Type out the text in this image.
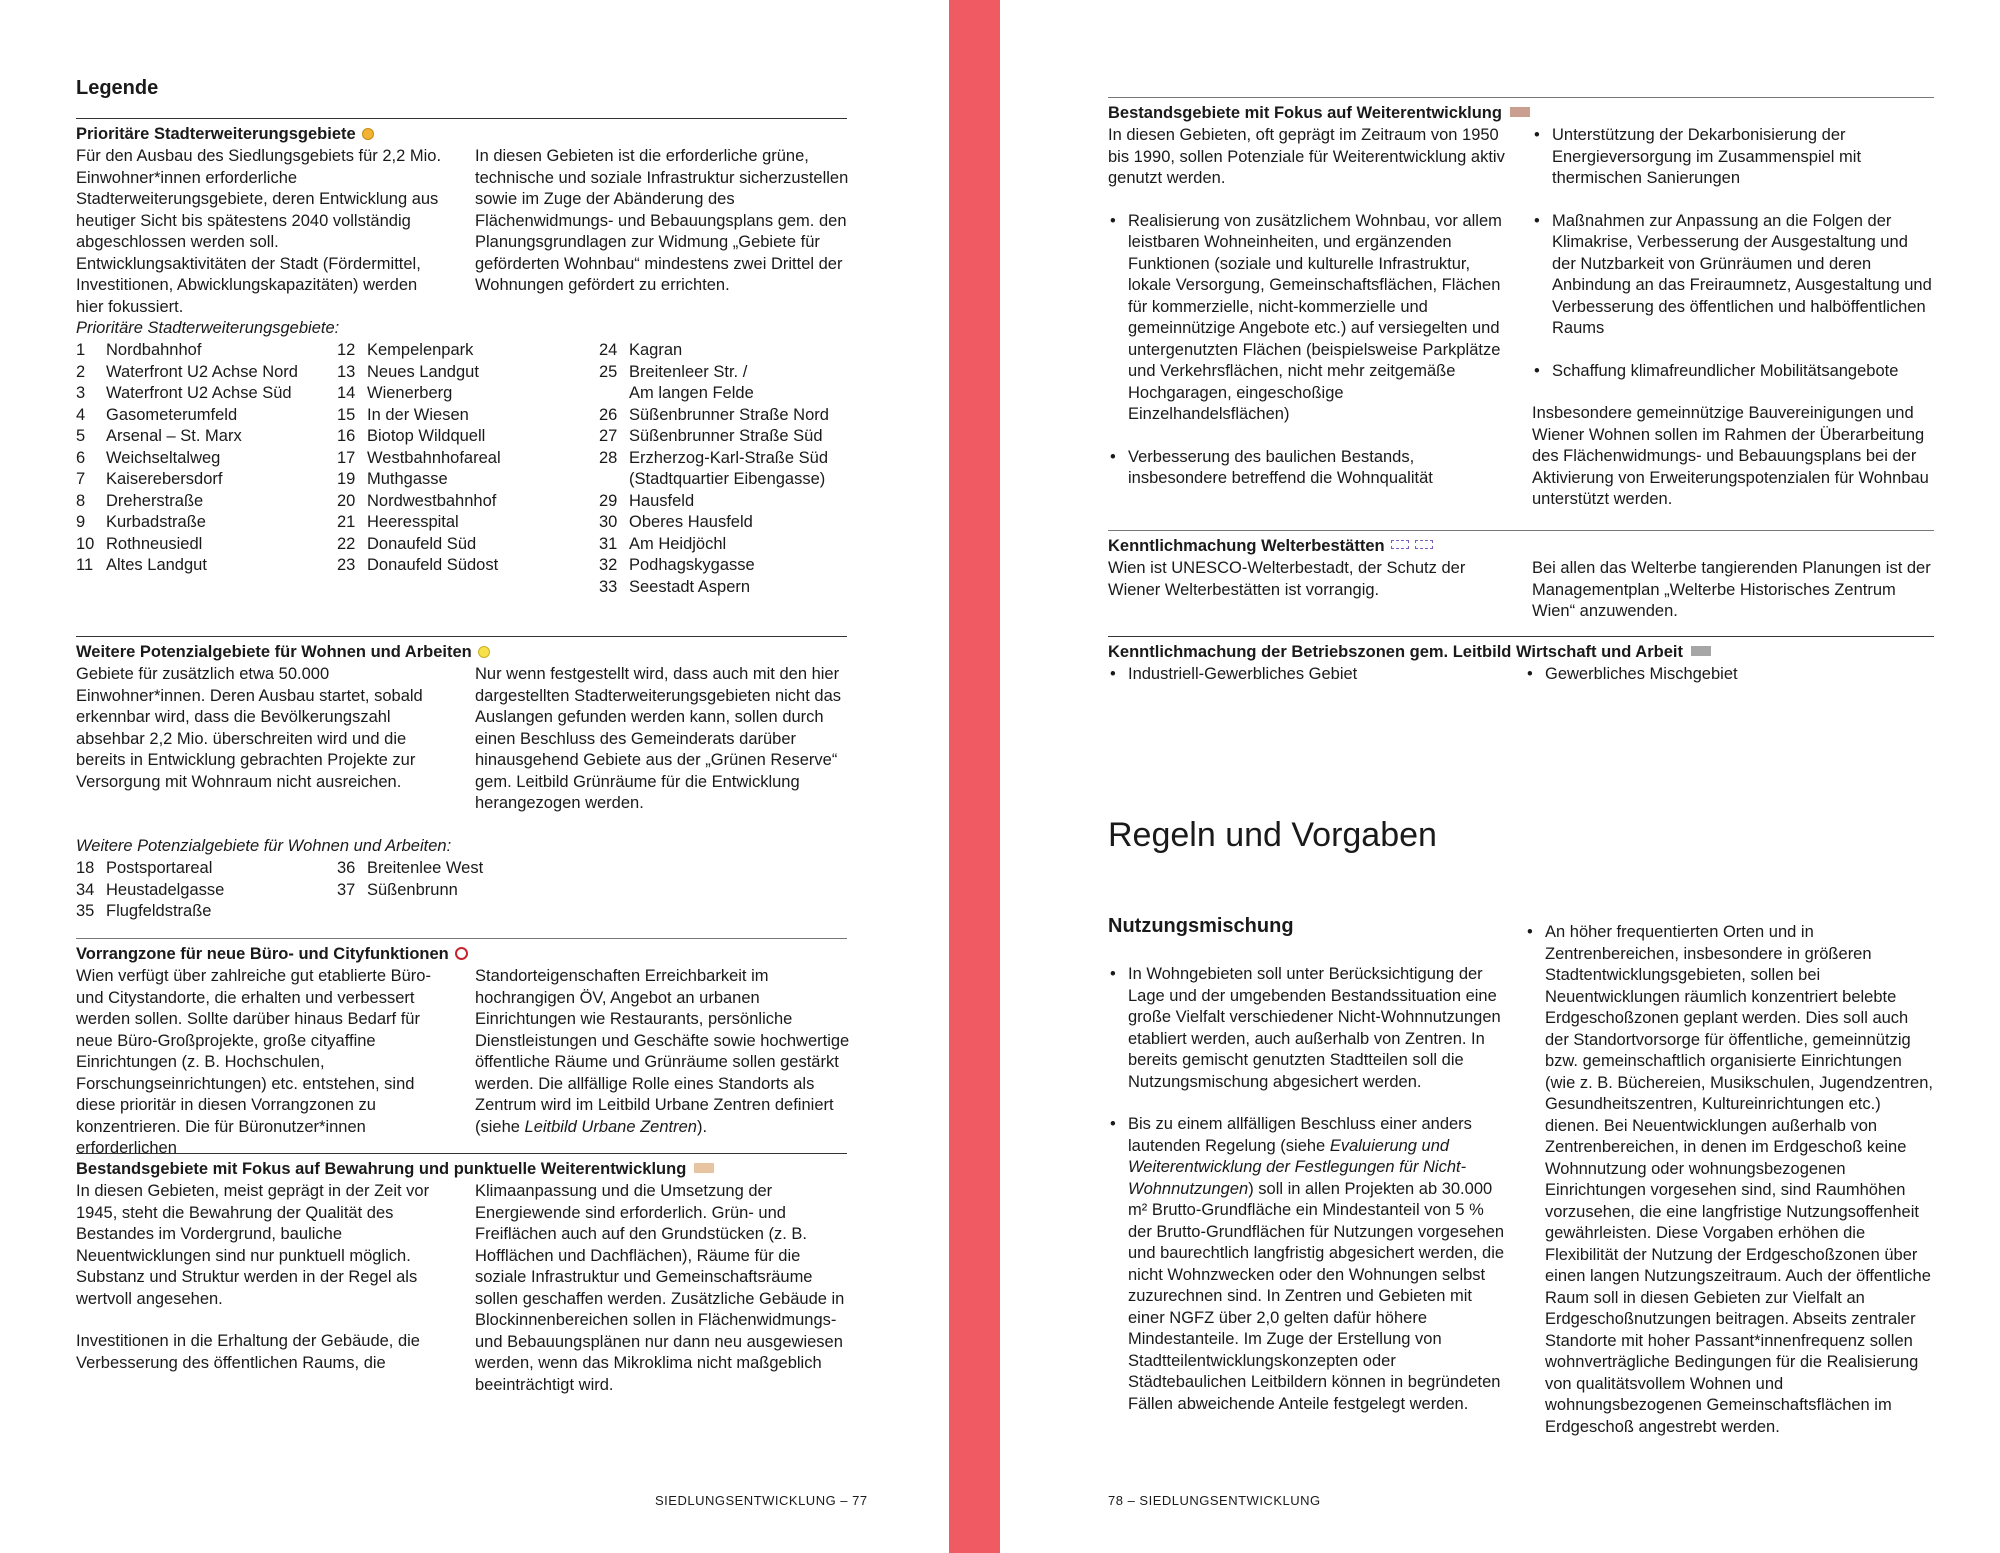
Legende
Prioritäre Stadterweiterungsgebiete
Für den Ausbau des Siedlungsgebiets für 2,2 Mio. Einwohner*innen erforderliche Stadterweiterungsgebiete, deren Entwicklung aus heutiger Sicht bis spätestens 2040 vollständig abgeschlossen werden soll. Entwicklungsaktivitäten der Stadt (Fördermittel, Investitionen, Abwicklungskapazitäten) werden hier fokussiert.
In diesen Gebieten ist die erforderliche grüne, technische und soziale Infrastruktur sicherzustellen sowie im Zuge der Abänderung des Flächenwidmungs- und Bebauungsplans gem. den Planungsgrundlagen zur Widmung „Gebiete für geförderten Wohnbau“ mindestens zwei Drittel der Wohnungen gefördert zu errichten.
Prioritäre Stadterweiterungsgebiete:
1	Nordbahnhof
2	Waterfront U2 Achse Nord
3	Waterfront U2 Achse Süd
4	Gasometerumfeld
5	Arsenal – St. Marx
6	Weichseltalweg
7	Kaiserebersdorf
8	Dreherstraße
9	Kurbadstraße
10 Rothneusiedl
11 Altes Landgut
12 Kempelenpark
13 Neues Landgut
14 Wienerberg
15 In der Wiesen
16 Biotop Wildquell
17 Westbahnhofareal
19 Muthgasse
20 Nordwestbahnhof
21 Heeresspital
22 Donaufeld Süd
23 Donaufeld Südost
24 Kagran
25 Breitenleer Str. /
Am langen Felde
26 Süßenbrunner Straße Nord
27 Süßenbrunner Straße Süd
28 Erzherzog-Karl-Straße Süd
(Stadtquartier Eibengasse)
29 Hausfeld
30 Oberes Hausfeld
31 Am Heidjöchl
32 Podhagskygasse
33 Seestadt Aspern
Weitere Potenzialgebiete für Wohnen und Arbeiten
Gebiete für zusätzlich etwa 50.000 Einwohner*innen. Deren Ausbau startet, sobald erkennbar wird, dass die Bevölkerungszahl absehbar 2,2 Mio. überschreiten wird und die bereits in Entwicklung gebrachten Projekte zur Versorgung mit Wohnraum nicht ausreichen.
Nur wenn festgestellt wird, dass auch mit den hier dargestellten Stadterweiterungsgebieten nicht das Auslangen gefunden werden kann, sollen durch einen Beschluss des Gemeinderats darüber hinausgehend Gebiete aus der „Grünen Reserve“ gem. Leitbild Grünräume für die Entwicklung herangezogen werden.
Weitere Potenzialgebiete für Wohnen und Arbeiten:
18 Postsportareal
34 Heustadelgasse
35 Flugfeldstraße
36 Breitenlee West
37 Süßenbrunn
Vorrangzone für neue Büro- und Cityfunktionen
Wien verfügt über zahlreiche gut etablierte Büro- und Citystandorte, die erhalten und verbessert werden sollen. Sollte darüber hinaus Bedarf für neue Büro-Großprojekte, große cityaffine Einrichtungen (z. B. Hochschulen, Forschungseinrichtungen) etc. entstehen, sind diese prioritär in diesen Vorrangzonen zu konzentrieren. Die für Büronutzer*innen erforderlichen
Standorteigenschaften Erreichbarkeit im hochrangigen ÖV, Angebot an urbanen Einrichtungen wie Restaurants, persönliche Dienstleistungen und Geschäfte sowie hochwertige öffentliche Räume und Grünräume sollen gestärkt werden. Die allfällige Rolle eines Standorts als Zentrum wird im Leitbild Urbane Zentren definiert (siehe Leitbild Urbane Zentren).
Bestandsgebiete mit Fokus auf Bewahrung und punktuelle Weiterentwicklung

In diesen Gebieten, meist geprägt in der Zeit vor 1945, steht die Bewahrung der Qualität des Bestandes im Vordergrund, bauliche Neuentwicklungen sind nur punktuell möglich. Substanz und Struktur werden in der Regel als wertvoll angesehen.

Investitionen in die Erhaltung der Gebäude, die Verbesserung des öffentlichen Raums, die

Klimaanpassung und die Umsetzung der Energiewende sind erforderlich. Grün- und Freiflächen auch auf den Grundstücken (z. B. Hofflächen und Dachflächen), Räume für die soziale Infrastruktur und Gemeinschaftsräume sollen geschaffen werden. Zusätzliche Gebäude in Blockinnenbereichen sollen in Flächenwidmungs- und Bebauungsplänen nur dann neu ausgewiesen werden, wenn das Mikroklima nicht maßgeblich beeinträchtigt wird.
SIEDLUNGSENTWICKLUNG – 77
Bestandsgebiete mit Fokus auf Weiterentwicklung

In diesen Gebieten, oft geprägt im Zeitraum von 1950 bis 1990, sollen Potenziale für Weiterentwicklung aktiv genutzt werden.

• Realisierung von zusätzlichem Wohnbau, vor allem leistbaren Wohneinheiten, und ergänzenden Funktionen (soziale und kulturelle Infrastruktur, lokale Versorgung, Gemeinschaftsflächen, Flächen für kommerzielle, nicht-kommerzielle und gemeinnützige Angebote etc.) auf versiegelten und untergenutzten Flächen (beispielsweise Parkplätze und Verkehrsflächen, nicht mehr zeitgemäße Hochgaragen, eingeschoßige Einzelhandelsflächen)
• Verbesserung des baulichen Bestands, insbesondere betreffend die Wohnqualität
• Unterstützung der Dekarbonisierung der Energieversorgung im Zusammenspiel mit thermischen Sanierungen
• Maßnahmen zur Anpassung an die Folgen der Klimakrise, Verbesserung der Ausgestaltung und der Nutzbarkeit von Grünräumen und deren Anbindung an das Freiraumnetz, Ausgestaltung und Verbesserung des öffentlichen und halböffentlichen Raums
• Schaffung klimafreundlicher Mobilitätsangebote

Insbesondere gemeinnützige Bauvereinigungen und Wiener Wohnen sollen im Rahmen der Überarbeitung des Flächenwidmungs- und Bebauungsplans bei der Aktivierung von Erweiterungspotenzialen für Wohnbau unterstützt werden.

Kenntlichmachung Welterbestätten
Wien ist UNESCO-Welterbestadt, der Schutz der Wiener Welterbestätten ist vorrangig.
Bei allen das Welterbe tangierenden Planungen ist der Managementplan „Welterbe Historisches Zentrum Wien“ anzuwenden.
Kenntlichmachung der Betriebszonen gem. Leitbild Wirtschaft und Arbeit
• Industriell-Gewerbliches Gebiet
•	Gewerbliches Mischgebiet
Regeln und Vorgaben
Nutzungsmischung
• In Wohngebieten soll unter Berücksichtigung der Lage und der umgebenden Bestandssituation eine große Vielfalt verschiedener Nicht-Wohnnutzungen etabliert werden, auch außerhalb von Zentren. In bereits gemischt genutzten Stadtteilen soll die Nutzungsmischung abgesichert werden.
• Bis zu einem allfälligen Beschluss einer anders lautenden Regelung (siehe Evaluierung und Weiterentwicklung der Festlegungen für Nicht-Wohnnutzungen) soll in allen Projekten ab 30.000 m² Brutto-Grundfläche ein Mindestanteil von 5 % der Brutto-Grundflächen für Nutzungen vorgesehen und baurechtlich langfristig abgesichert werden, die nicht Wohnzwecken oder den Wohnungen selbst zuzurechnen sind. In Zentren und Gebieten mit einer NGFZ über 2,0 gelten dafür höhere Mindestanteile. Im Zuge der Erstellung von Stadtteilentwicklungskonzepten oder Städtebaulichen Leitbildern können in begründeten Fällen abweichende Anteile festgelegt werden.
• An höher frequentierten Orten und in Zentrenbereichen, insbesondere in größeren Stadtentwicklungsgebieten, sollen bei Neuentwicklungen räumlich konzentriert belebte Erdgeschoßzonen geplant werden. Dies soll auch der Standortvorsorge für öffentliche, gemeinnützig bzw. gemeinschaftlich organisierte Einrichtungen (wie z. B. Büchereien, Musikschulen, Jugendzentren, Gesundheitszentren, Kultureinrichtungen etc.) dienen. Bei Neuentwicklungen außerhalb von Zentrenbereichen, in denen im Erdgeschoß keine Wohnnutzung oder wohnungsbezogenen Einrichtungen vorgesehen sind, sind Raumhöhen vorzusehen, die eine langfristige Nutzungsoffenheit gewährleisten. Diese Vorgaben erhöhen die Flexibilität der Nutzung der Erdgeschoßzonen über einen langen Nutzungszeitraum. Auch der öffentliche Raum soll in diesen Gebieten zur Vielfalt an Erdgeschoßnutzungen beitragen. Abseits zentraler Standorte mit hoher Passant*innenfrequenz sollen wohnverträgliche Bedingungen für die Realisierung von qualitätsvollem Wohnen und wohnungsbezogenen Gemeinschaftsflächen im Erdgeschoß angestrebt werden.
78 – SIEDLUNGSENTWICKLUNG
